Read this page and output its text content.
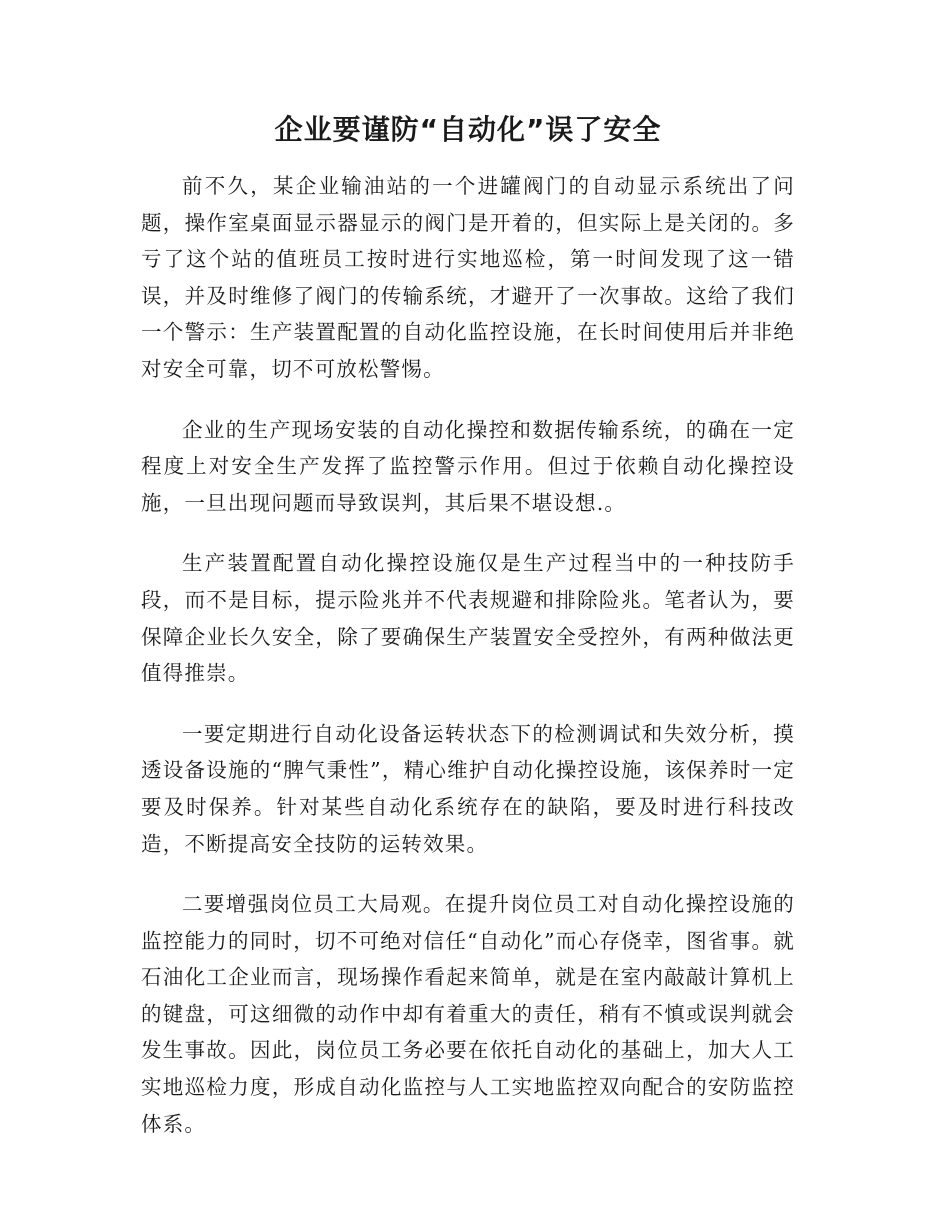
企业要谨防“自动化”误了安全

前不久，某企业输油站的一个进罐阀门的自动显示系统出了问题，操作室桌面显示器显示的阀门是开着的，但实际上是关闭的。多亏了这个站的值班员工按时进行实地巡检，第一时间发现了这一错误，并及时维修了阀门的传输系统，才避开了一次事故。这给了我们一个警示：生产装置配置的自动化监控设施，在长时间使用后并非绝对安全可靠，切不可放松警惕。

企业的生产现场安装的自动化操控和数据传输系统，的确在一定程度上对安全生产发挥了监控警示作用。但过于依赖自动化操控设施，一旦出现问题而导致误判，其后果不堪设想.。

生产装置配置自动化操控设施仅是生产过程当中的一种技防手段，而不是目标，提示险兆并不代表规避和排除险兆。笔者认为，要保障企业长久安全，除了要确保生产装置安全受控外，有两种做法更值得推崇。

一要定期进行自动化设备运转状态下的检测调试和失效分析，摸透设备设施的“脾气秉性”，精心维护自动化操控设施，该保养时一定要及时保养。针对某些自动化系统存在的缺陷，要及时进行科技改造，不断提高安全技防的运转效果。

二要增强岗位员工大局观。在提升岗位员工对自动化操控设施的监控能力的同时，切不可绝对信任“自动化”而心存侥幸，图省事。就石油化工企业而言，现场操作看起来简单，就是在室内敲敲计算机上的键盘，可这细微的动作中却有着重大的责任，稍有不慎或误判就会发生事故。因此，岗位员工务必要在依托自动化的基础上，加大人工实地巡检力度，形成自动化监控与人工实地监控双向配合的安防监控体系。
